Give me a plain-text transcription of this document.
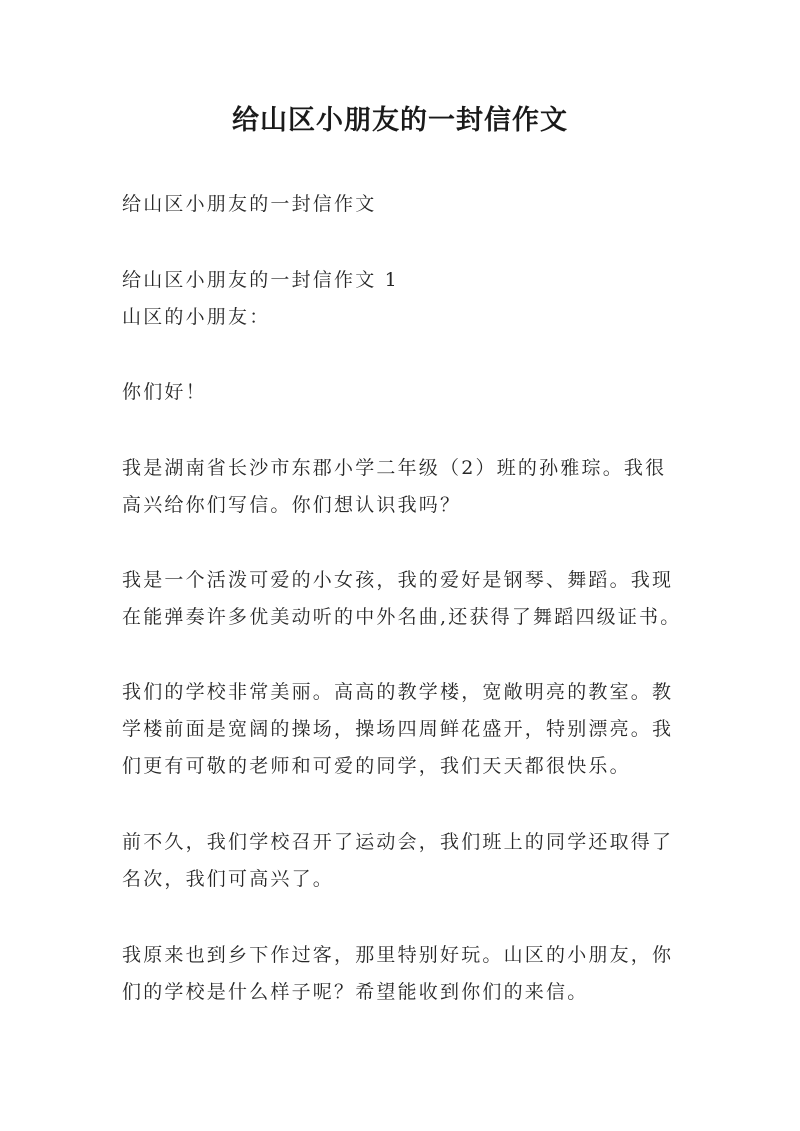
给山区小朋友的一封信作文
给山区小朋友的一封信作文
给山区小朋友的一封信作文 1
山区的小朋友：
你们好！
我是湖南省长沙市东郡小学二年级（2）班的孙雅琮。我很
高兴给你们写信。你们想认识我吗？
我是一个活泼可爱的小女孩，我的爱好是钢琴、舞蹈。我现
在能弹奏许多优美动听的中外名曲,还获得了舞蹈四级证书。
我们的学校非常美丽。高高的教学楼，宽敞明亮的教室。教
学楼前面是宽阔的操场，操场四周鲜花盛开，特别漂亮。我
们更有可敬的老师和可爱的同学，我们天天都很快乐。
前不久，我们学校召开了运动会，我们班上的同学还取得了
名次，我们可高兴了。
我原来也到乡下作过客，那里特别好玩。山区的小朋友，你
们的学校是什么样子呢？希望能收到你们的来信。
